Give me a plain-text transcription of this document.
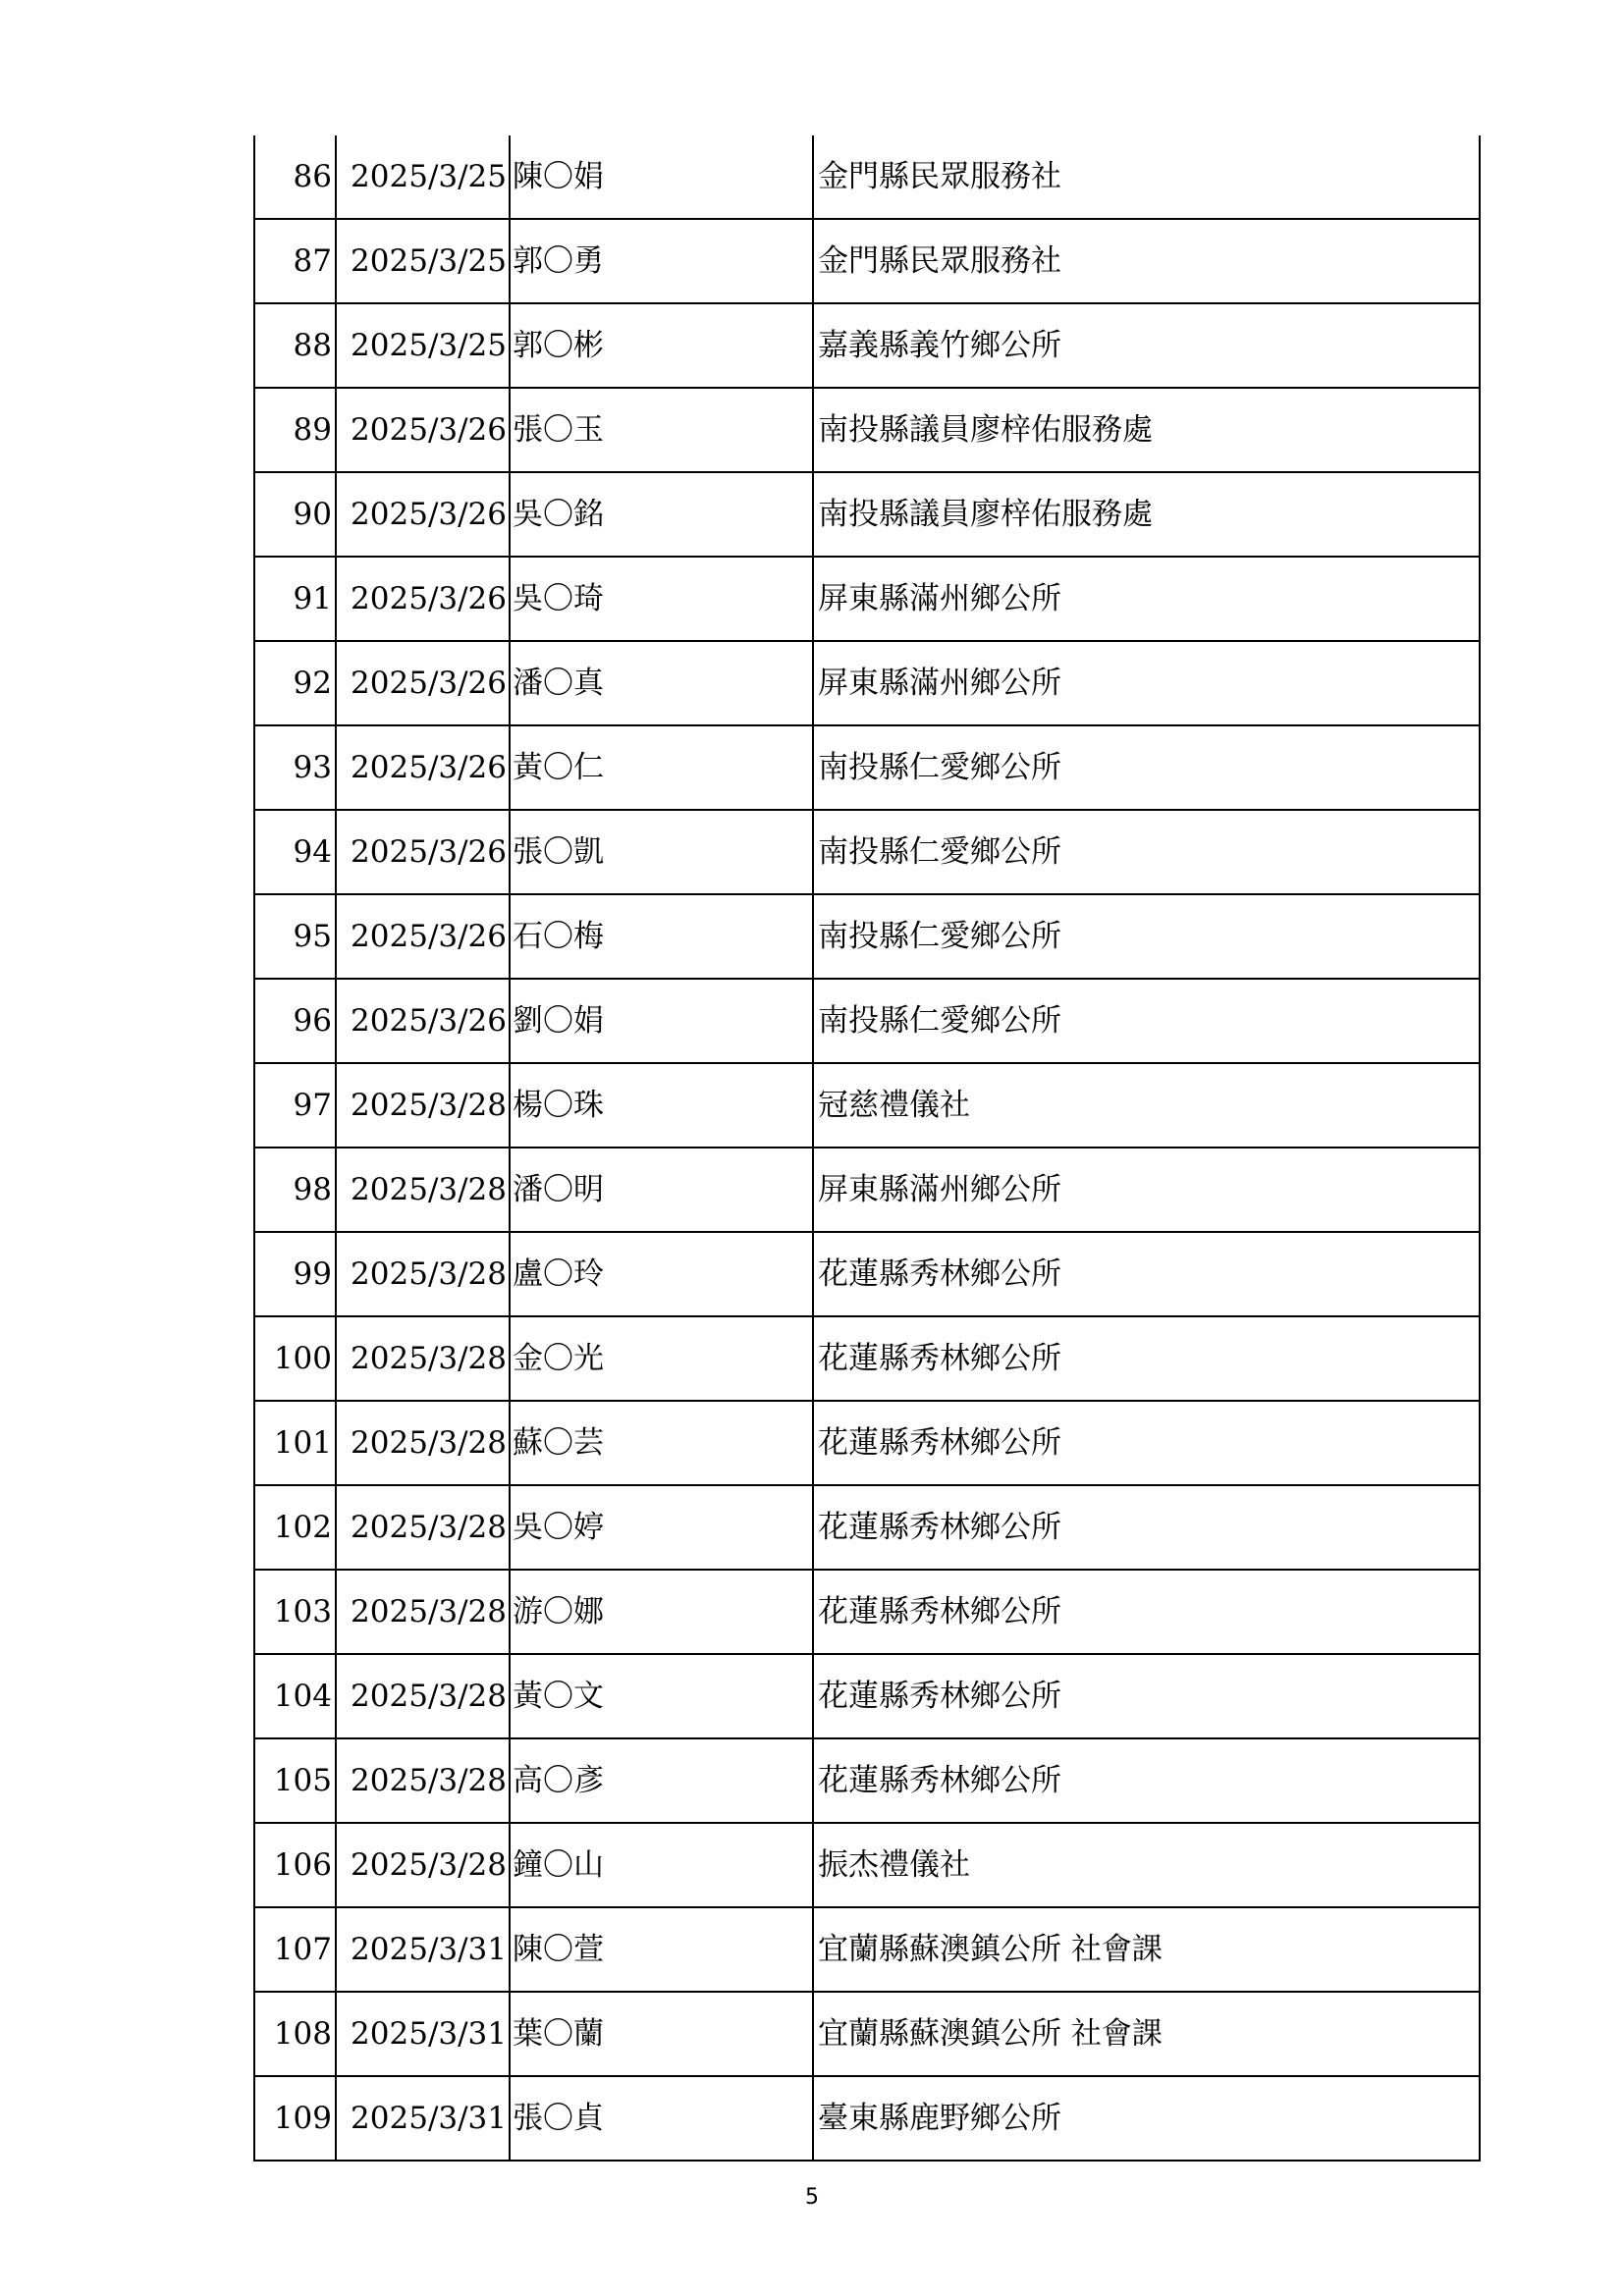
86	2025/3/25	陳〇娟	金門縣民眾服務社
87	2025/3/25	郭〇勇	金門縣民眾服務社
88	2025/3/25	郭〇彬	嘉義縣義竹鄉公所
89	2025/3/26	張〇玉	南投縣議員廖梓佑服務處
90	2025/3/26	吳〇銘	南投縣議員廖梓佑服務處
91	2025/3/26	吳〇琦	屏東縣滿州鄉公所
92	2025/3/26	潘〇真	屏東縣滿州鄉公所
93	2025/3/26	黃〇仁	南投縣仁愛鄉公所
94	2025/3/26	張〇凱	南投縣仁愛鄉公所
95	2025/3/26	石〇梅	南投縣仁愛鄉公所
96	2025/3/26	劉〇娟	南投縣仁愛鄉公所
97	2025/3/28	楊〇珠	冠慈禮儀社
98	2025/3/28	潘〇明	屏東縣滿州鄉公所
99	2025/3/28	盧〇玲	花蓮縣秀林鄉公所
100	2025/3/28	金〇光	花蓮縣秀林鄉公所
101	2025/3/28	蘇〇芸	花蓮縣秀林鄉公所
102	2025/3/28	吳〇婷	花蓮縣秀林鄉公所
103	2025/3/28	游〇娜	花蓮縣秀林鄉公所
104	2025/3/28	黃〇文	花蓮縣秀林鄉公所
105	2025/3/28	高〇彥	花蓮縣秀林鄉公所
106	2025/3/28	鐘〇山	振杰禮儀社
107	2025/3/31	陳〇萱	宜蘭縣蘇澳鎮公所 社會課
108	2025/3/31	葉〇蘭	宜蘭縣蘇澳鎮公所 社會課
109	2025/3/31	張〇貞	臺東縣鹿野鄉公所
5
